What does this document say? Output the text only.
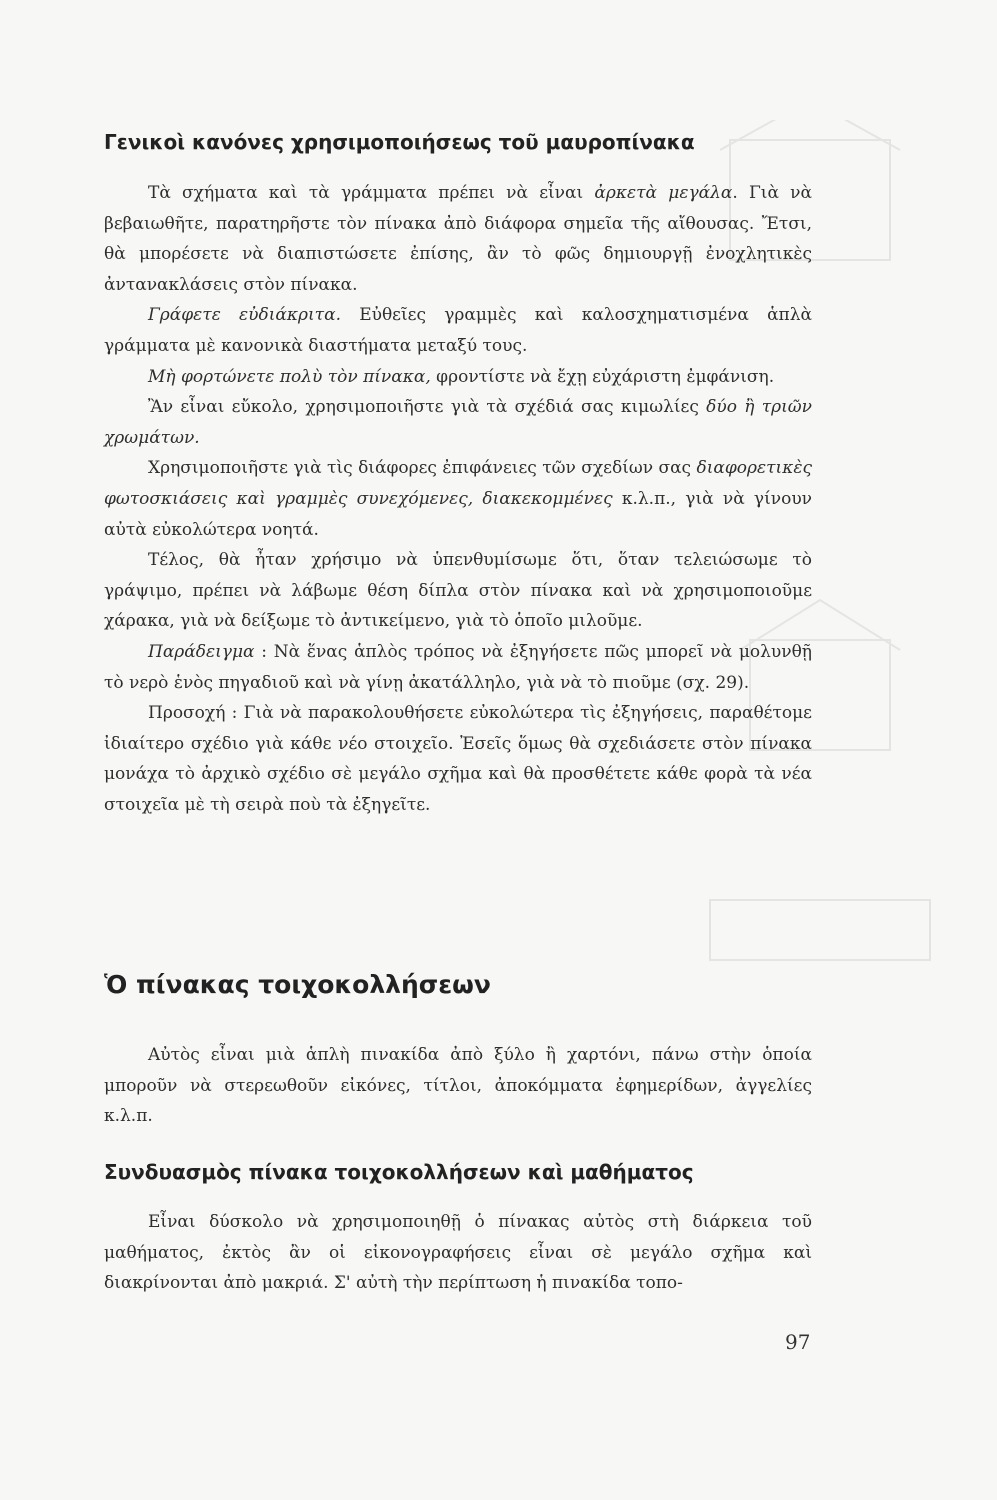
Γενικοὶ κανόνες χρησιμοποιήσεως τοῦ μαυροπίνακα

Τὰ σχήματα καὶ τὰ γράμματα πρέπει νὰ εἶναι ἀρκετὰ μεγάλα. Γιὰ νὰ βεβαιωθῆτε, παρατηρῆστε τὸν πίνακα ἀπὸ διάφορα σημεῖα τῆς αἴθουσας. Ἔτσι, θὰ μπορέσετε νὰ διαπιστώσετε ἐπίσης, ἂν τὸ φῶς δημιουργῇ ἐνοχλητικὲς ἀντανακλάσεις στὸν πίνακα.

Γράφετε εὐδιάκριτα. Εὐθεῖες γραμμὲς καὶ καλοσχηματισμένα ἁπλὰ γράμματα μὲ κανονικὰ διαστήματα μεταξύ τους.

Μὴ φορτώνετε πολὺ τὸν πίνακα, φροντίστε νὰ ἔχῃ εὐχάριστη ἐμφάνιση.

Ἂν εἶναι εὔκολο, χρησιμοποιῆστε γιὰ τὰ σχέδιά σας κιμωλίες δύο ἢ τριῶν χρωμάτων.

Χρησιμοποιῆστε γιὰ τὶς διάφορες ἐπιφάνειες τῶν σχεδίων σας διαφορετικὲς φωτοσκιάσεις καὶ γραμμὲς συνεχόμενες, διακεκομμένες κ.λ.π., γιὰ νὰ γίνουν αὐτὰ εὐκολώτερα νοητά.

Τέλος, θὰ ἦταν χρήσιμο νὰ ὑπενθυμίσωμε ὅτι, ὅταν τελειώσωμε τὸ γράψιμο, πρέπει νὰ λάβωμε θέση δίπλα στὸν πίνακα καὶ νὰ χρησιμοποιοῦμε χάρακα, γιὰ νὰ δείξωμε τὸ ἀντικείμενο, γιὰ τὸ ὁποῖο μιλοῦμε.

Παράδειγμα : Νὰ ἕνας ἁπλὸς τρόπος νὰ ἐξηγήσετε πῶς μπορεῖ νὰ μολυνθῇ τὸ νερὸ ἑνὸς πηγαδιοῦ καὶ νὰ γίνῃ ἀκατάλληλο, γιὰ νὰ τὸ πιοῦμε (σχ. 29).

Προσοχή : Γιὰ νὰ παρακολουθήσετε εὐκολώτερα τὶς ἐξηγήσεις, παραθέτομε ἰδιαίτερο σχέδιο γιὰ κάθε νέο στοιχεῖο. Ἐσεῖς ὅμως θὰ σχεδιάσετε στὸν πίνακα μονάχα τὸ ἀρχικὸ σχέδιο σὲ μεγάλο σχῆμα καὶ θὰ προσθέτετε κάθε φορὰ τὰ νέα στοιχεῖα μὲ τὴ σειρὰ ποὺ τὰ ἐξηγεῖτε.

Ὁ πίνακας τοιχοκολλήσεων

Αὐτὸς εἶναι μιὰ ἁπλὴ πινακίδα ἀπὸ ξύλο ἢ χαρτόνι, πάνω στὴν ὁποία μποροῦν νὰ στερεωθοῦν εἰκόνες, τίτλοι, ἀποκόμματα ἐφημερίδων, ἀγγελίες κ.λ.π.

Συνδυασμὸς πίνακα τοιχοκολλήσεων καὶ μαθήματος

Εἶναι δύσκολο νὰ χρησιμοποιηθῇ ὁ πίνακας αὐτὸς στὴ διάρκεια τοῦ μαθήματος, ἐκτὸς ἂν οἱ εἰκονογραφήσεις εἶναι σὲ μεγάλο σχῆμα καὶ διακρίνονται ἀπὸ μακριά. Σ' αὐτὴ τὴν περίπτωση ἡ πινακίδα τοπο-

97
